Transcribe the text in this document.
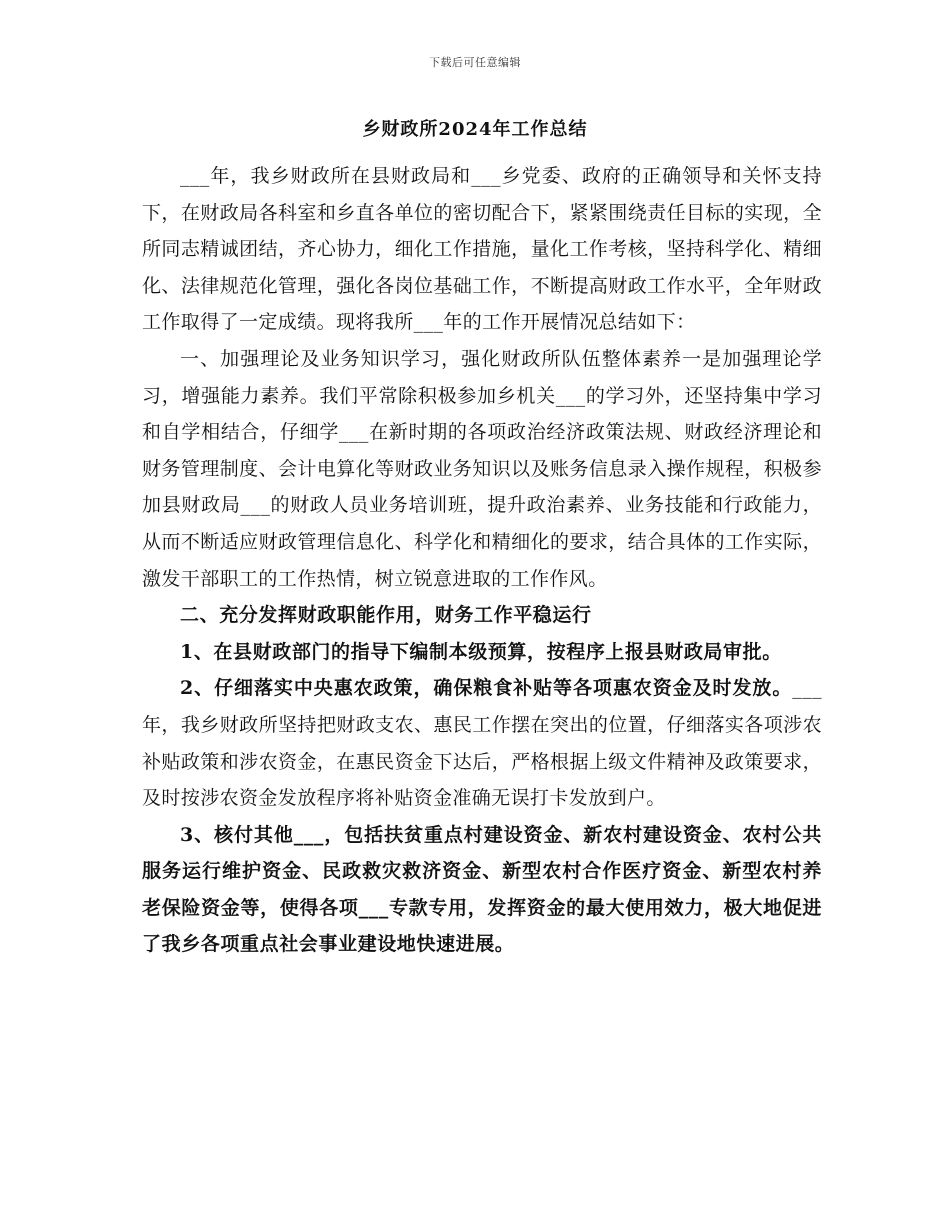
下载后可任意编辑
乡财政所2024年工作总结

___年，我乡财政所在县财政局和___乡党委、政府的正确领导和关怀支持下，在财政局各科室和乡直各单位的密切配合下，紧紧围绕责任目标的实现，全所同志精诚团结，齐心协力，细化工作措施，量化工作考核，坚持科学化、精细化、法律规范化管理，强化各岗位基础工作，不断提高财政工作水平，全年财政工作取得了一定成绩。现将我所___年的工作开展情况总结如下：

一、加强理论及业务知识学习，强化财政所队伍整体素养一是加强理论学习，增强能力素养。我们平常除积极参加乡机关___的学习外，还坚持集中学习和自学相结合，仔细学___在新时期的各项政治经济政策法规、财政经济理论和财务管理制度、会计电算化等财政业务知识以及账务信息录入操作规程，积极参加县财政局___的财政人员业务培训班，提升政治素养、业务技能和行政能力，从而不断适应财政管理信息化、科学化和精细化的要求，结合具体的工作实际，激发干部职工的工作热情，树立锐意进取的工作作风。

二、充分发挥财政职能作用，财务工作平稳运行

1、在县财政部门的指导下编制本级预算，按程序上报县财政局审批。

2、仔细落实中央惠农政策，确保粮食补贴等各项惠农资金及时发放。___年，我乡财政所坚持把财政支农、惠民工作摆在突出的位置，仔细落实各项涉农补贴政策和涉农资金，在惠民资金下达后，严格根据上级文件精神及政策要求，及时按涉农资金发放程序将补贴资金准确无误打卡发放到户。

3、核付其他___，包括扶贫重点村建设资金、新农村建设资金、农村公共服务运行维护资金、民政救灾救济资金、新型农村合作医疗资金、新型农村养老保险资金等，使得各项___专款专用，发挥资金的最大使用效力，极大地促进了我乡各项重点社会事业建设地快速进展。
